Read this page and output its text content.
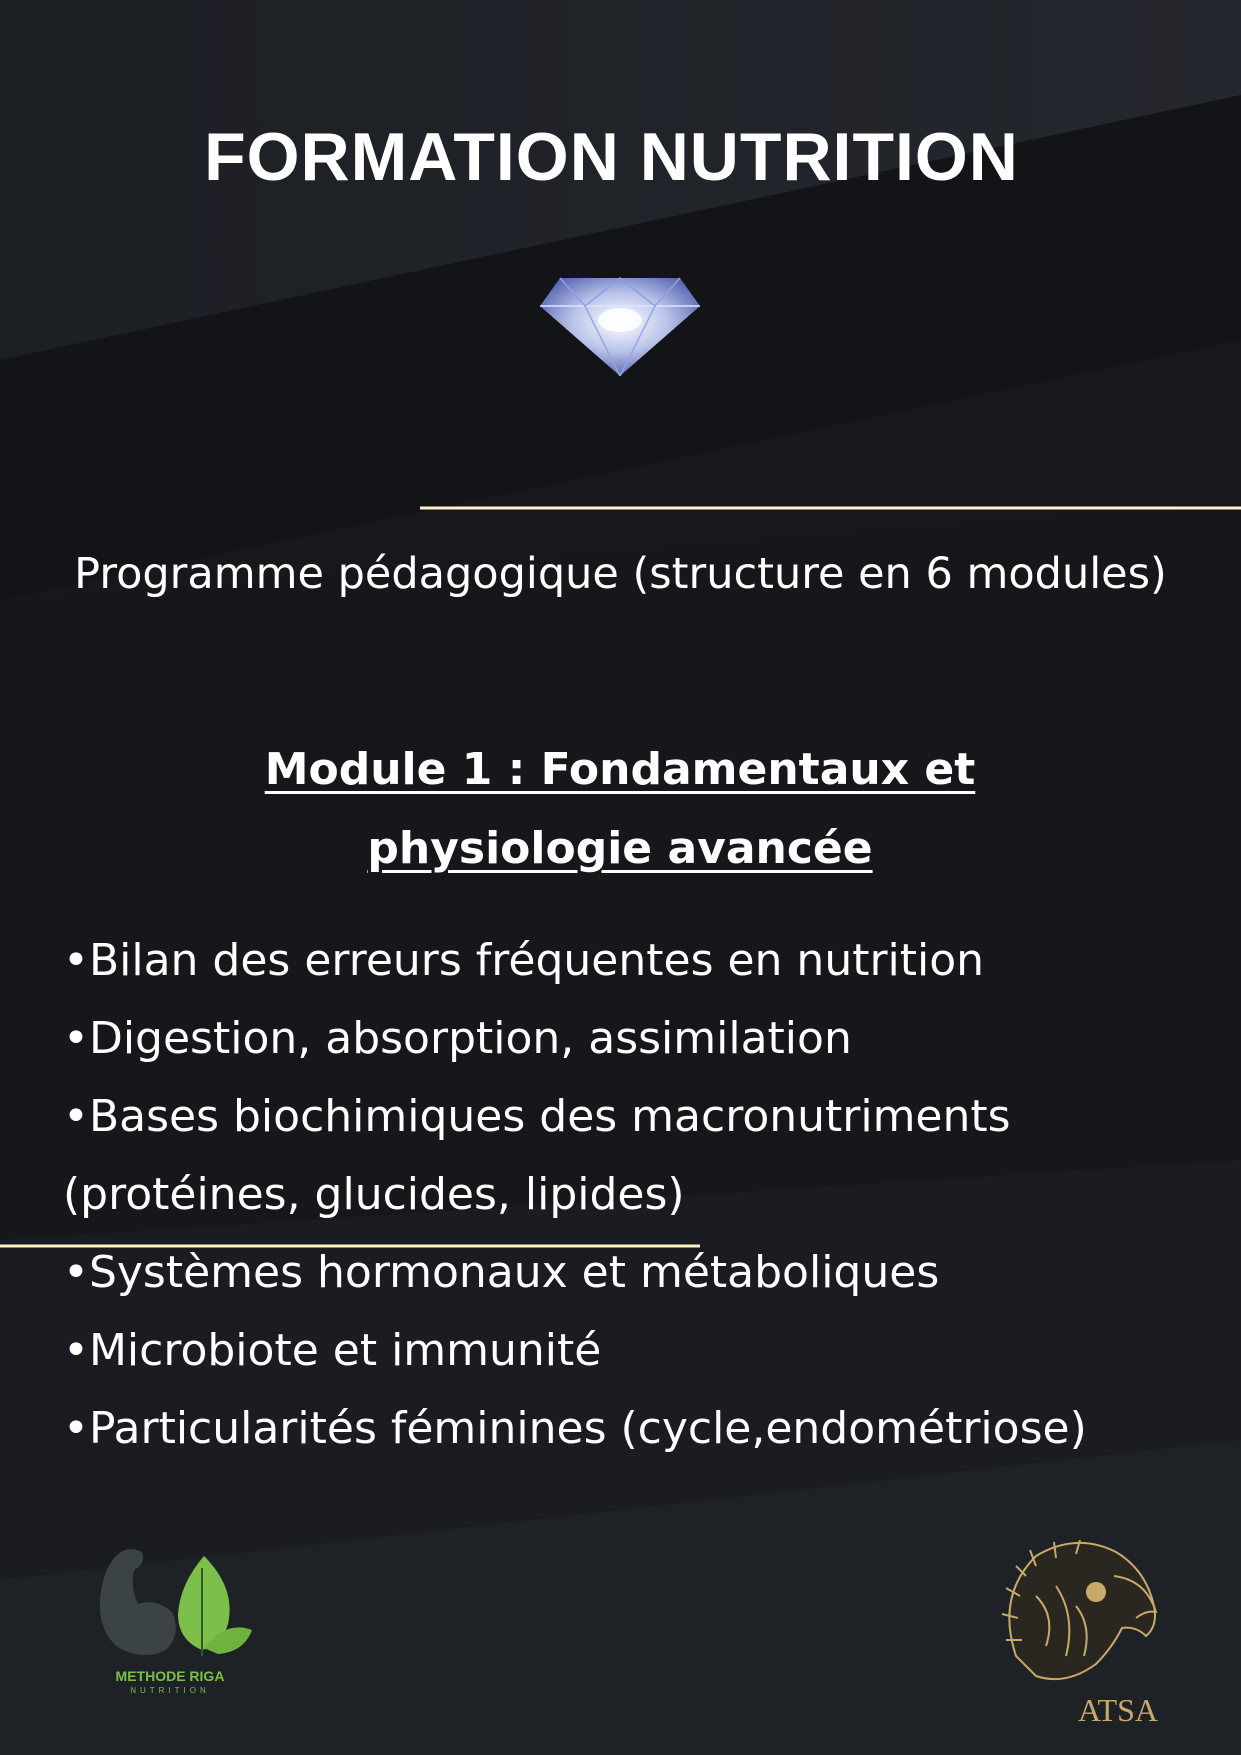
FORMATION NUTRITION
Programme pédagogique (structure en 6 modules)
Module 1 : Fondamentaux et physiologie avancée
•Bilan des erreurs fréquentes en nutrition
•Digestion, absorption, assimilation
•Bases biochimiques des macronutriments (protéines, glucides, lipides)
•Systèmes hormonaux et métaboliques
•Microbiote et immunité
•Particularités féminines (cycle,endométriose)
METHODE RIGA
NUTRITION
ATSA
